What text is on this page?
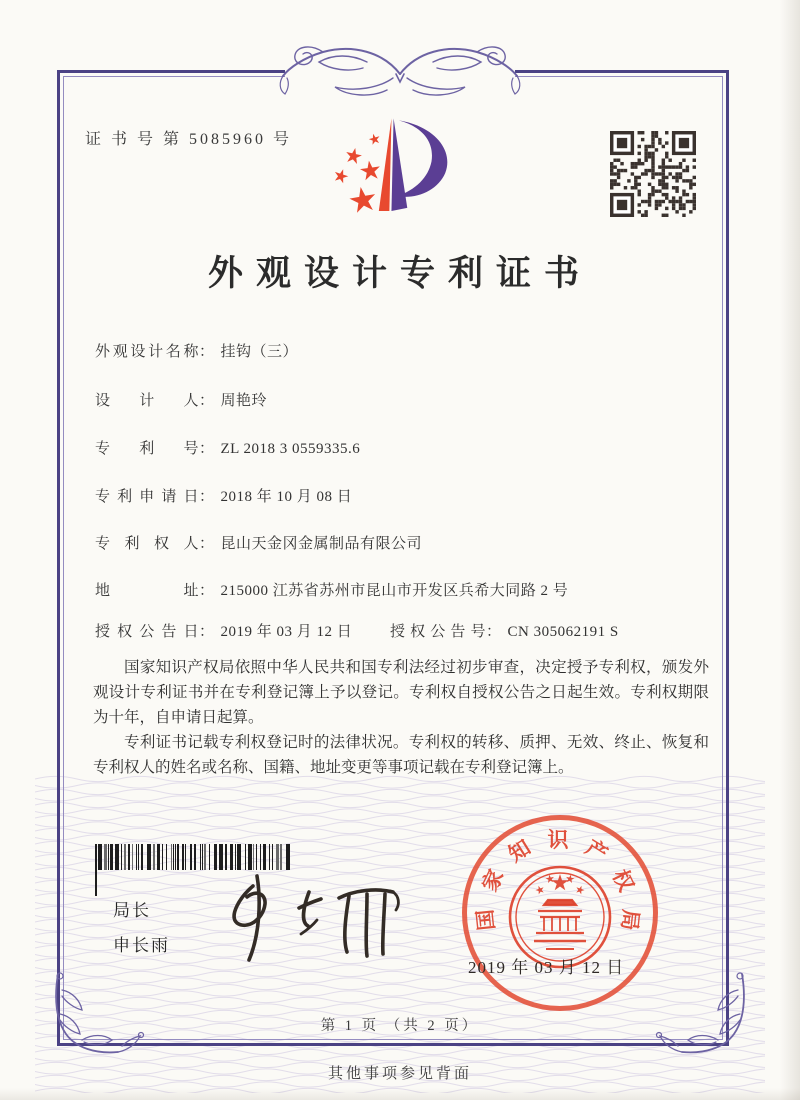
证 书 号 第 5085960 号
外观设计专利证书
外观设计名称： 挂钩（三）
设计人： 周艳玲
专利号： ZL 2018 3 0559335.6
专利申请日： 2018 年 10 月 08 日
专利权人： 昆山天金冈金属制品有限公司
地址： 215000 江苏省苏州市昆山市开发区兵希大同路 2 号
授权公告日： 2019 年 03 月 12 日	授权公告号： CN 305062191 S

国家知识产权局依照中华人民共和国专利法经过初步审查，决定授予专利权，颁发外观设计专利证书并在专利登记簿上予以登记。专利权自授权公告之日起生效。专利权期限为十年，自申请日起算。

专利证书记载专利权登记时的法律状况。专利权的转移、质押、无效、终止、恢复和专利权人的姓名或名称、国籍、地址变更等事项记载在专利登记簿上。

局长
申长雨
国
家
知 识 产
权
局
2019 年 03 月 12 日
第 1 页 （共 2 页）
其他事项参见背面
